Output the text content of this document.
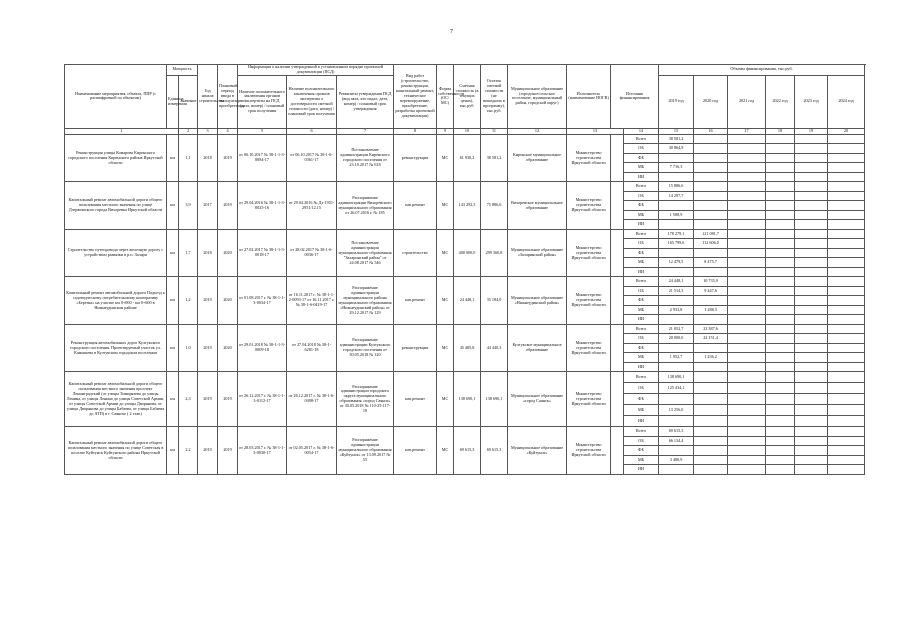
7
Наименование мероприятия, объекта, ППР (с расшифровкой по объектам)	Мощность		Год начала строительства	Плановый период ввода в эксплуатацию/ приобретения	Информация о наличии утвержденной в установленном порядке проектной документации (ПСД)			Вид работ (строительство, реконструкция, капитальный ремонт, техническое перевооружение, приобретение, разработка проектной документации)	Форма собственности (ОС/ МС)	Сметная стоимость (в текущих ценах), тыс.руб.	Остаток сметной стоимости (не вошедших в программу), тыс.руб.	Муниципальное образование (городское/сельское поселение, муниципальный район, городской округ)	Исполнитель (наименование ИОГВ)	Источник финансирования		Объемы финансирования, тыс.руб.						
	Единица измерения	Значение			Наличие положительного заключения органов экспертизы на ПСД (дата, номер) / плановый срок получения	Наличие положительного заключения органов экспертизы о достоверности сметной стоимости (дата, номер) / плановый срок получения	Реквизиты утверждения ПСД (вид акта, кто издал, дата, номер) / плановый срок утверждения									2019 год	2020 год	2021 год	2022 год	2023 год	2024 год	

1		2	3	4	5	6	7	8	9	10	11	12	13		14	15	16	17	18	19	20	
Реконструкция улицы Комарова Киренского городского поселения Киренского района Иркутской области	км	1,1	2018	2019	от 06.10.2017 № 38-1-1-3-0084-17	от 06.10.2017 № 38-1-6-0361-17	Постановление администрации Киренского городского поселения от 23.10.2017 № 618	реконструкция	МС	61 930,2	38 581,2	Киренское муниципальное образование	Министерство строительства Иркутской области		Всего	38 581,2						
															ОБ	30 864,9						
															ФБ							
															МБ	7 716,3						
															ИИ							
Капитальный ремонт автомобильной дороги общего пользования местного значения по улице Дзержинского города Вихоревка Иркутской области	км	3,9	2017	2019	от 29.04.2016 № 38-1-1-3-0025-16	от 29.04.2016 № Дз-1951-2951/12.15	Распоряжение администрации Вихоревского муниципального образования от 26.07.2016 г. № 185	кап.ремонт	МС	143 292,3	75 886,6	Вихоревское муниципальное образование	Министерство строительства Иркутской области		Всего	15 886,6						
															ОБ	14 297,7						
															ФБ							
															МБ	1 588,9						
															ИИ							
Строительство путепровода через железную дорогу с устройством развязки в р.п. Залари	км	1,7	2018	2020	от 27.02.2017 № 38-1-1-3-0018-17	от 28.02.2017 № 38-1-6-0036-17	Постановление администрации муниципального образования "Заларинский район" от 24.08.2017 № 546	строительство	МС	400 000,0	299 360,8	Муниципальное образование «Заларинский район»	Министерство строительства Иркутской области		Всего	178 279,1	121 081,7					
															ОБ	165 799,6	112 606,0					
															ФБ							
															МБ	12 479,5	8 475,7					
															ИИ							
Капитальный ремонт автомобильной дороги Подъезд к садоводческому потребительскому кооперативу «Березка» на участке км 0+000 - км 0+600 в Нижнеудинском районе	км	1,2	2019	2020	от 01.08.2017 г. № 38-1-1-3-0034-17	от 16.11.2017 г. № 38-1-1-2-0093-17 от 16.11.2017 г. № 38-1-6-0419-17	Распоряжение администрации муниципального района муниципального образования «Нижнеудинский район» от 29.12.2017 № 129	кап.ремонт	МС	24 448,1	35 184,0	Муниципальное образование «Нижнеудинский район»	Министерство строительства Иркутской области		Всего	24 448,1	10 735,9					
															ОБ	21 514,3	9 447,6					
															ФБ							
															МБ	2 933,8	1 288,3					
															ИИ							
Реконструкция автомобильных дорог Култукского городского поселения. Проектируемый участок ул. Камышева в Култукском городском поселении	км	1,0	2019	2020	от 29.01.2018 № 38-1-1-3-0009-18	от 27.04.2018 № 38-1-6281-18	Распоряжение администрации Култукского городского поселения от 30.05.2018 № 120	реконструкция	МС	45 485,8	44 440,3	Култукское муниципальное образование	Министерство строительства Иркутской области		Всего	21 052,7	23 387,6					
															ОБ	20 000,0	22 151,4					
															ФБ							
															МБ	1 052,7	1 236,2					
															ИИ							
Капитальный ремонт автомобильной дороги общего пользования местного значения проспект Ленинградский (от улицы Тимирязева до улицы Ленина, от улицы Ленина до улицы Советской Армии, от улицы Советской Армии до улицы Дворянова, от улицы Дворянова до улицы Бабаева, от улицы Бабаева до АТП) в г. Саянске ( 2 этап)	км	2,3	2019	2019	от 26.12.2017 г. № 38-1-1-3-0112-17	от 26.12.2017 г. № 38-1-6-0498-17	Распоряжение администрации городского округа муниципального образования «город Саянск» от 30.05.2018 № 110-25-117-18	кап.ремонт	МС	138 690,1	138 690,1	Муниципальное образование «город Саянск»	Министерство строительства Иркутской области		Всего	138 690,1						
															ОБ	125 434,1						
															ФБ							
															МБ	13 256,0						
															ИИ							
Капитальный ремонт автомобильной дороги общего пользования местного значения по улице Советская в поселке Куйтунск Куйтунского района Иркутской области	км	2,2	2019	2019	от 28.03.2017 г. № 38-1-1-3-0030-17	от 02.05.2017 г. № 38-1-6-0054-17	Распоряжение администрации муниципального образования «Куйтунск» от 13.09.2017 № 55	кап.ремонт	МС	69 615,3	69 615,3	Муниципальное образование «Куйтунск»	Министерство строительства Иркутской области		Всего	69 615,3						
															ОБ	66 134,4						
															ФБ							
															МБ	3 480,9						
															ИИ							
